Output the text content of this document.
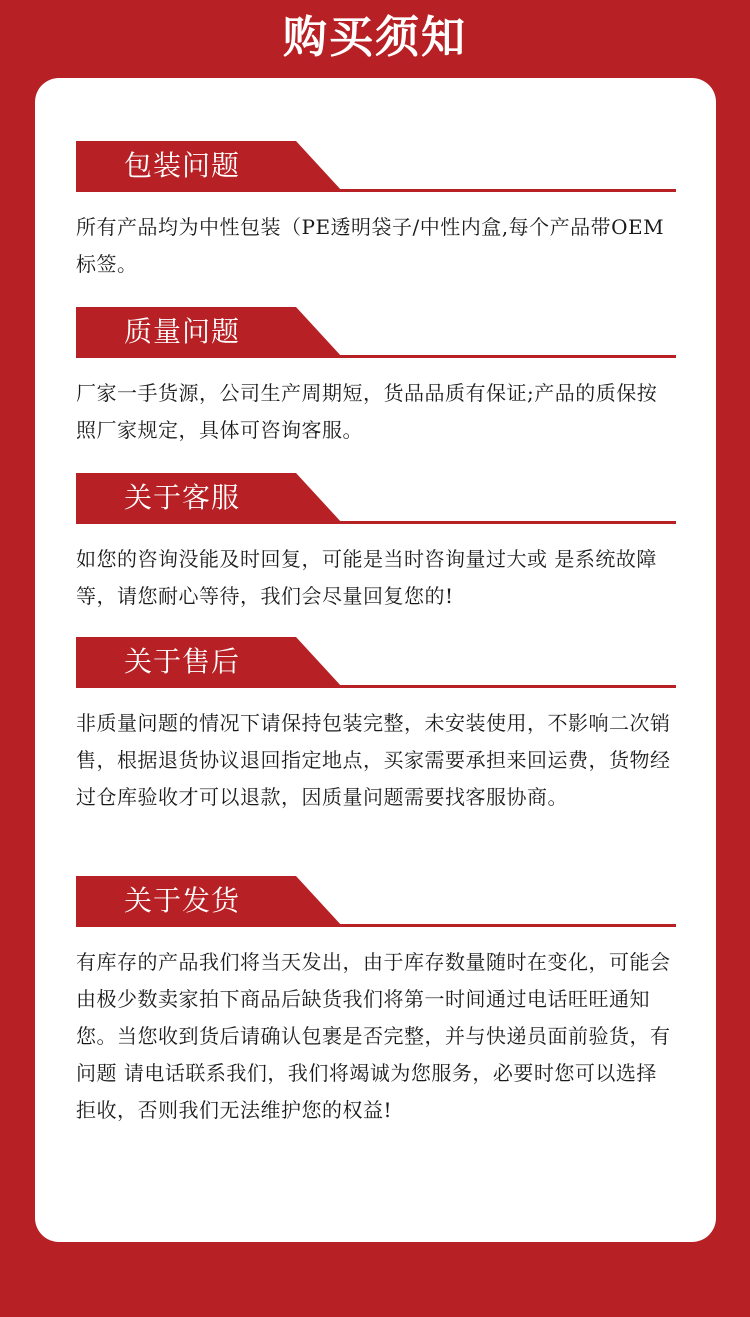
购买须知
包装问题
所有产品均为中性包装（PE透明袋子/中性内盒,每个产品带OEM标签。
质量问题
厂家一手货源，公司生产周期短，货品品质有保证;产品的质保按照厂家规定，具体可咨询客服。
关于客服
如您的咨询没能及时回复，可能是当时咨询量过大或 是系统故障等，请您耐心等待，我们会尽量回复您的!
关于售后
非质量问题的情况下请保持包装完整，未安装使用，不影响二次销售，根据退货协议退回指定地点，买家需要承担来回运费，货物经过仓库验收才可以退款，因质量问题需要找客服协商。
关于发货
有库存的产品我们将当天发出，由于库存数量随时在变化，可能会由极少数卖家拍下商品后缺货我们将第一时间通过电话旺旺通知您。当您收到货后请确认包裹是否完整，并与快递员面前验货，有问题 请电话联系我们，我们将竭诚为您服务，必要时您可以选择拒收，否则我们无法维护您的权益!
